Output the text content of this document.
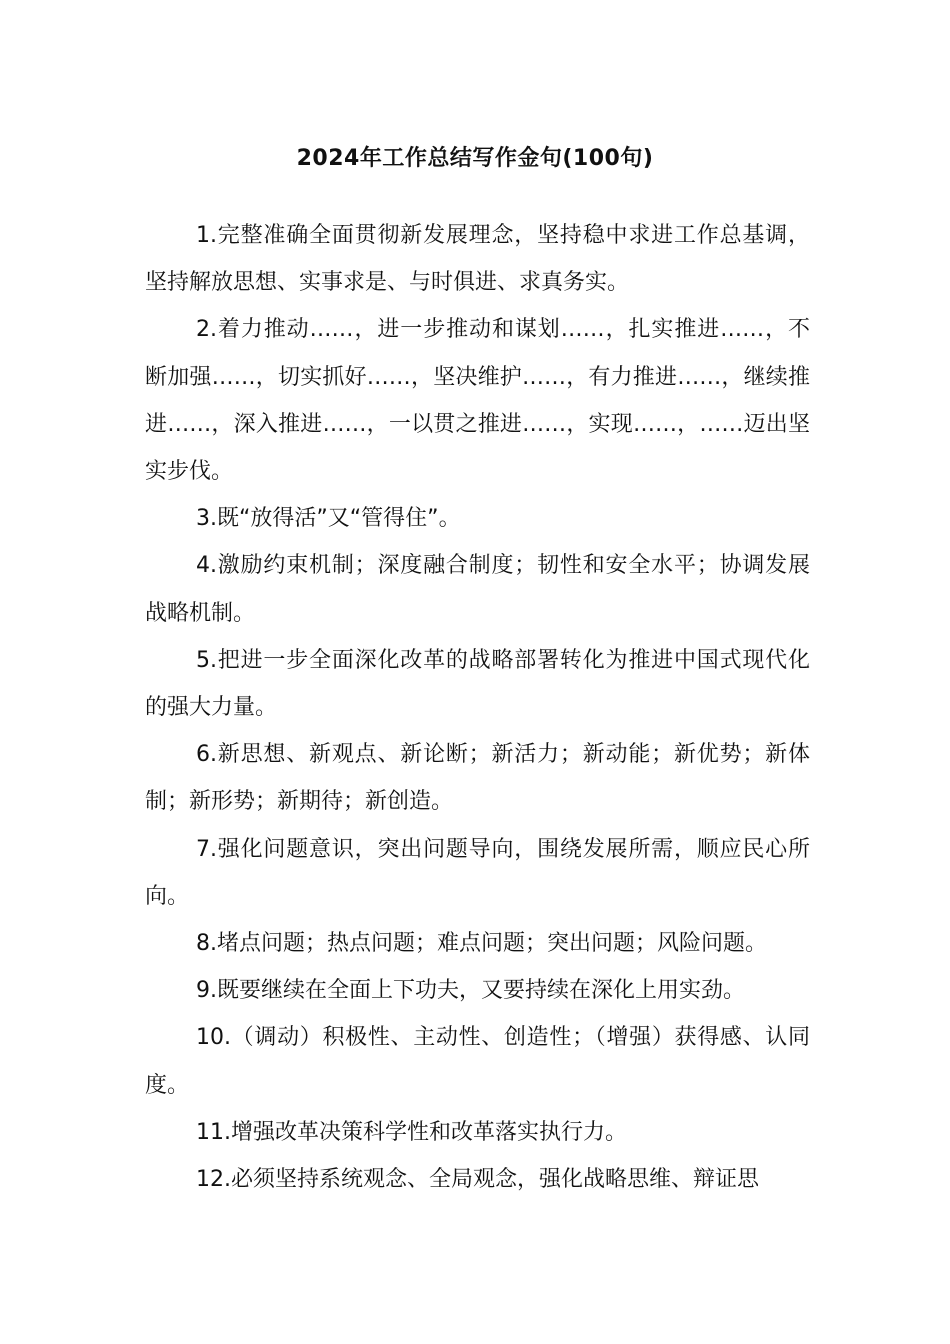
2024年工作总结写作金句(100句)

1.完整准确全面贯彻新发展理念，坚持稳中求进工作总基调，坚持解放思想、实事求是、与时俱进、求真务实。

2.着力推动……，进一步推动和谋划……，扎实推进……，不断加强……，切实抓好……，坚决维护……，有力推进……，继续推进……，深入推进……，一以贯之推进……，实现……，……迈出坚实步伐。

3.既“放得活”又“管得住”。

4.激励约束机制；深度融合制度；韧性和安全水平；协调发展战略机制。

5.把进一步全面深化改革的战略部署转化为推进中国式现代化的强大力量。

6.新思想、新观点、新论断；新活力；新动能；新优势；新体制；新形势；新期待；新创造。

7.强化问题意识，突出问题导向，围绕发展所需，顺应民心所向。

8.堵点问题；热点问题；难点问题；突出问题；风险问题。

9.既要继续在全面上下功夫，又要持续在深化上用实劲。

10.（调动）积极性、主动性、创造性；（增强）获得感、认同度。

11.增强改革决策科学性和改革落实执行力。

12.必须坚持系统观念、全局观念，强化战略思维、辩证思
